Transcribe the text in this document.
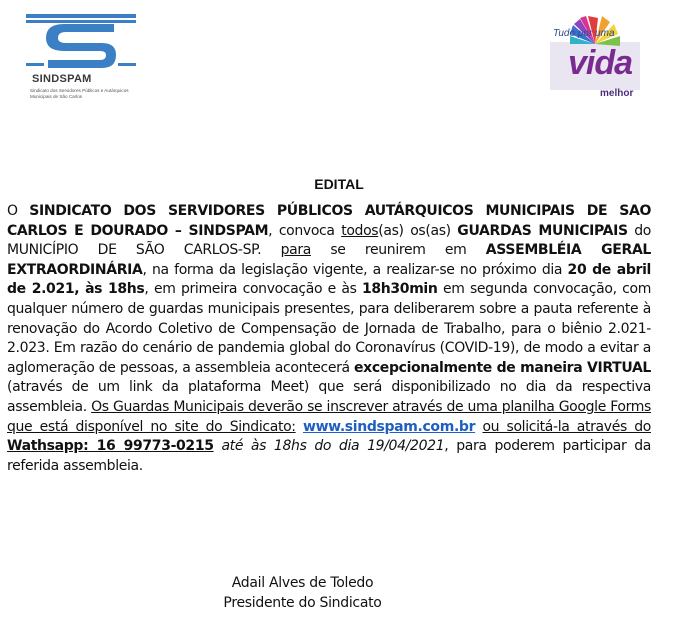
SINDSPAM
Sindicato dos Servidores Públicos e Autárquicos Municipais de São Carlos
Tudo por uma
vida
melhor
EDITAL
O SINDICATO DOS SERVIDORES PÚBLICOS AUTÁRQUICOS MUNICIPAIS DE SAO CARLOS E DOURADO – SINDSPAM, convoca todos(as) os(as) GUARDAS MUNICIPAIS do MUNICÍPIO DE SÃO CARLOS-SP. para se reunirem em ASSEMBLÉIA GERAL EXTRAORDINÁRIA, na forma da legislação vigente, a realizar-se no próximo dia 20 de abril de 2.021, às 18hs, em primeira convocação e às 18h30min em segunda convocação, com qualquer número de guardas municipais presentes, para deliberarem sobre a pauta referente à renovação do Acordo Coletivo de Compensação de Jornada de Trabalho, para o biênio 2.021-2.023. Em razão do cenário de pandemia global do Coronavírus (COVID-19), de modo a evitar a aglomeração de pessoas, a assembleia acontecerá excepcionalmente de maneira VIRTUAL (através de um link da plataforma Meet) que será disponibilizado no dia da respectiva assembleia. Os Guardas Municipais deverão se inscrever através de uma planilha Google Forms que está disponível no site do Sindicato: www.sindspam.com.br ou solicitá-la através do Wathsapp: 16 99773-0215 até às 18hs do dia 19/04/2021, para poderem participar da referida assembleia.
Adail Alves de Toledo
Presidente do Sindicato
